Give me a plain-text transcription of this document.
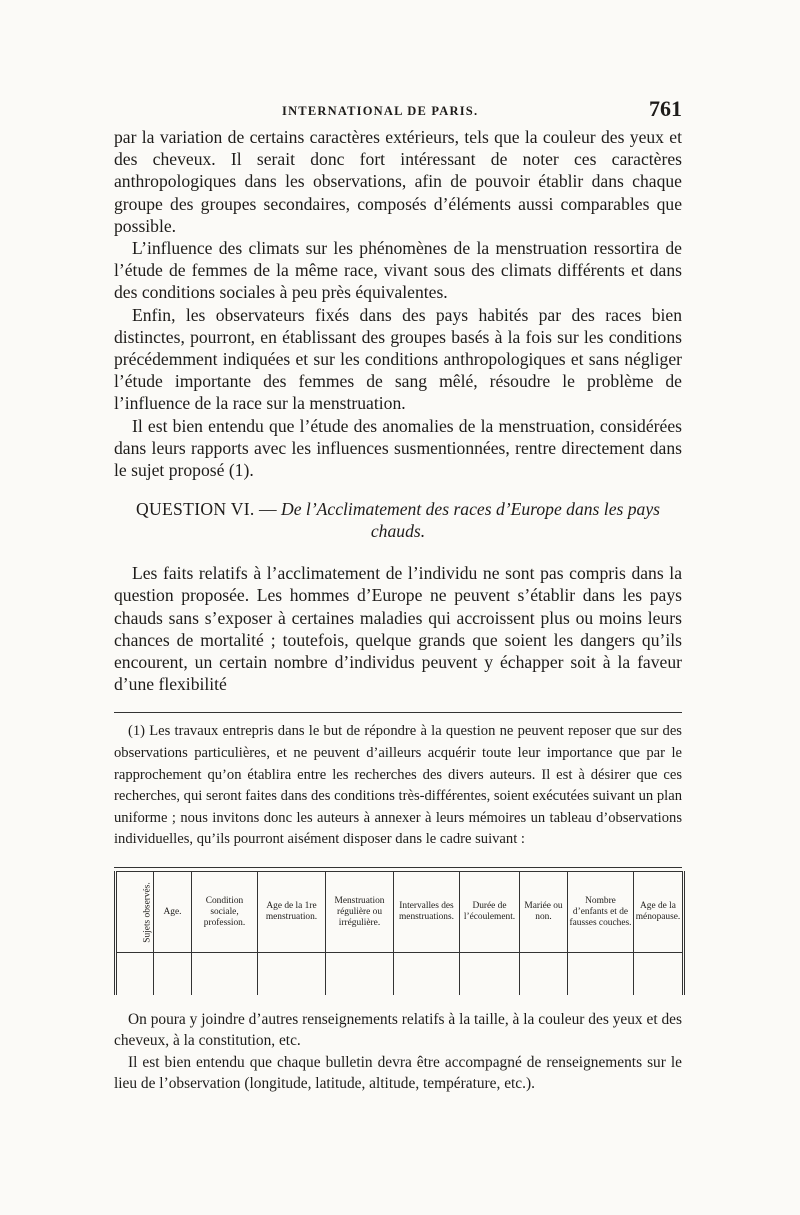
INTERNATIONAL DE PARIS.	761

par la variation de certains caractères extérieurs, tels que la couleur des yeux et des cheveux. Il serait donc fort intéressant de noter ces caractères anthropologiques dans les observations, afin de pouvoir établir dans chaque groupe des groupes secondaires, composés d’éléments aussi comparables que possible.

L’influence des climats sur les phénomènes de la menstruation ressortira de l’étude de femmes de la même race, vivant sous des climats différents et dans des conditions sociales à peu près équivalentes.

Enfin, les observateurs fixés dans des pays habités par des races bien distinctes, pourront, en établissant des groupes basés à la fois sur les conditions précédemment indiquées et sur les conditions anthropologiques et sans négliger l’étude importante des femmes de sang mêlé, résoudre le problème de l’influence de la race sur la menstruation.

Il est bien entendu que l’étude des anomalies de la menstruation, considérées dans leurs rapports avec les influences susmentionnées, rentre directement dans le sujet proposé (1).

QUESTION VI. — De l’Acclimatement des races d’Europe dans les pays chauds.

Les faits relatifs à l’acclimatement de l’individu ne sont pas compris dans la question proposée. Les hommes d’Europe ne peuvent s’établir dans les pays chauds sans s’exposer à certaines maladies qui accroissent plus ou moins leurs chances de mortalité ; toutefois, quelque grands que soient les dangers qu’ils encourent, un certain nombre d’individus peuvent y échapper soit à la faveur d’une flexibilité

(1) Les travaux entrepris dans le but de répondre à la question ne peuvent reposer que sur des observations particulières, et ne peuvent d’ailleurs acquérir toute leur importance que par le rapprochement qu’on établira entre les recherches des divers auteurs. Il est à désirer que ces recherches, qui seront faites dans des conditions très-différentes, soient exécutées suivant un plan uniforme ; nous invitons donc les auteurs à annexer à leurs mémoires un tableau d’observations individuelles, qu’ils pourront aisément disposer dans le cadre suivant :

Sujets observés.	Age.	Condition sociale, profession.	Age de la 1re menstruation.	Menstruation régulière ou irrégulière.	Intervalles des menstruations.	Durée de l’écoulement.	Mariée ou non.	Nombre d’enfants et de fausses couches.	Age de la ménopause.

On poura y joindre d’autres renseignements relatifs à la taille, à la couleur des yeux et des cheveux, à la constitution, etc.

Il est bien entendu que chaque bulletin devra être accompagné de renseignements sur le lieu de l’observation (longitude, latitude, altitude, température, etc.).
